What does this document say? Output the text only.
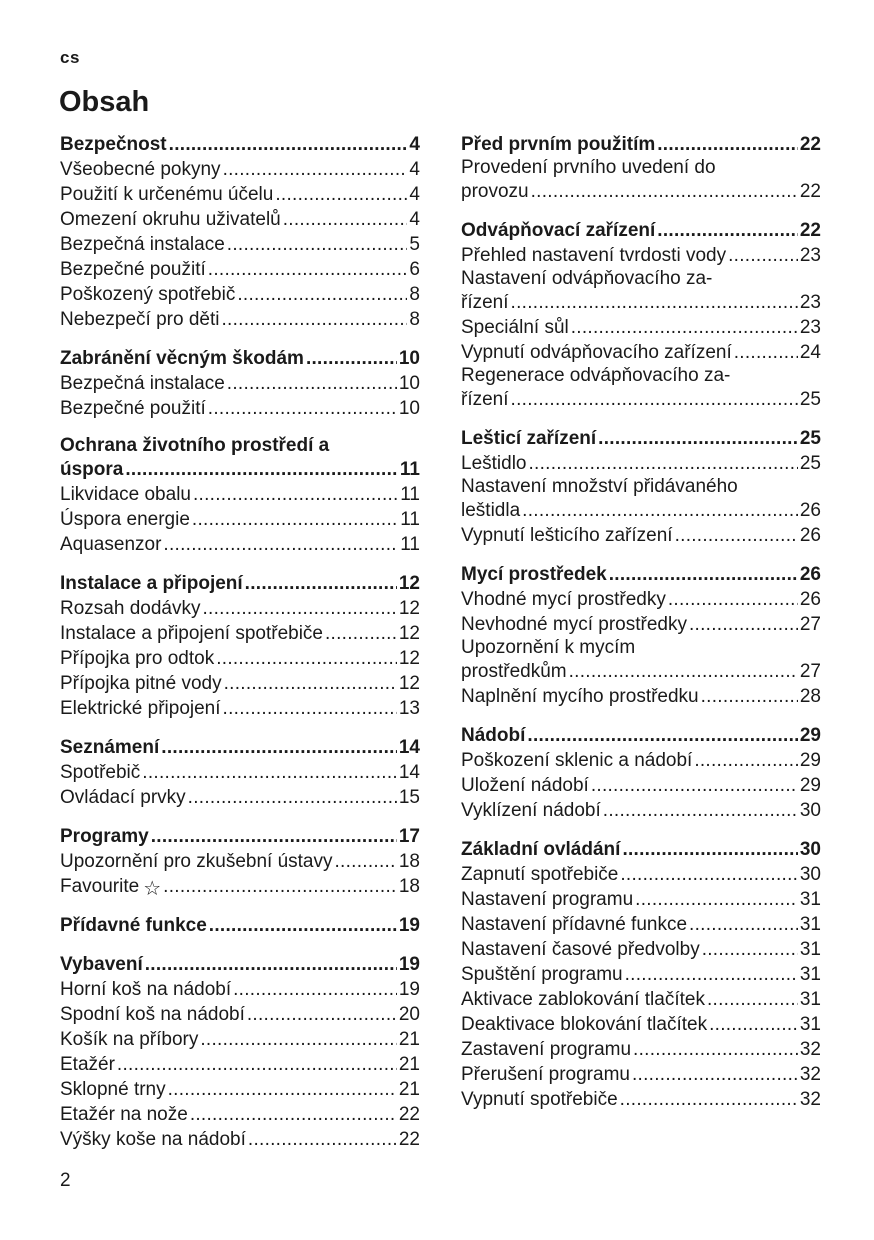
cs
Obsah
Bezpečnost . . .	4
Všeobecné pokyny . . .	4
Použití k určenému účelu . . .	4
Omezení okruhu uživatelů . . .	4
Bezpečná instalace . . .	5
Bezpečné použití . . .	6
Poškozený spotřebič . . .	8
Nebezpečí pro děti . . .	8
Zabránění věcným škodám . . .	10
Bezpečná instalace . . .	10
Bezpečné použití . . .	10
Ochrana životního prostředí a
úspora . . .	11
Likvidace obalu . . .	11
Úspora energie . . .	11
Aquasenzor . . .	11
Instalace a připojení . . .	12
Rozsah dodávky . . .	12
Instalace a připojení spotřebiče . . .	12
Přípojka pro odtok . . .	12
Přípojka pitné vody . . .	12
Elektrické připojení . . .	13
Seznámení . . .	14
Spotřebič . . .	14
Ovládací prvky . . .	15
Programy . . .	17
Upozornění pro zkušební ústavy . . .	18
Favourite ☆ . . .	18
Přídavné funkce . . .	19
Vybavení . . .	19
Horní koš na nádobí . . .	19
Spodní koš na nádobí . . .	20
Košík na příbory . . .	21
Etažér . . .	21
Sklopné trny . . .	21
Etažér na nože . . .	22
Výšky koše na nádobí . . .	22
Před prvním použitím . . .	22
Provedení prvního uvedení do
provozu . . .	22
Odvápňovací zařízení . . .	22
Přehled nastavení tvrdosti vody . . .	23
Nastavení odvápňovacího za-
řízení . . .	23
Speciální sůl . . .	23
Vypnutí odvápňovacího zařízení . . .	24
Regenerace odvápňovacího za-
řízení . . .	25
Lešticí zařízení . . .	25
Leštidlo . . .	25
Nastavení množství přidávaného
leštidla . . .	26
Vypnutí lešticího zařízení . . .	26
Mycí prostředek . . .	26
Vhodné mycí prostředky . . .	26
Nevhodné mycí prostředky . . .	27
Upozornění k mycím
prostředkům . . .	27
Naplnění mycího prostředku . . .	28
Nádobí . . .	29
Poškození sklenic a nádobí . . .	29
Uložení nádobí . . .	29
Vyklízení nádobí . . .	30
Základní ovládání . . .	30
Zapnutí spotřebiče . . .	30
Nastavení programu . . .	31
Nastavení přídavné funkce . . .	31
Nastavení časové předvolby . . .	31
Spuštění programu . . .	31
Aktivace zablokování tlačítek . . .	31
Deaktivace blokování tlačítek . . .	31
Zastavení programu . . .	32
Přerušení programu . . .	32
Vypnutí spotřebiče . . .	32
2
